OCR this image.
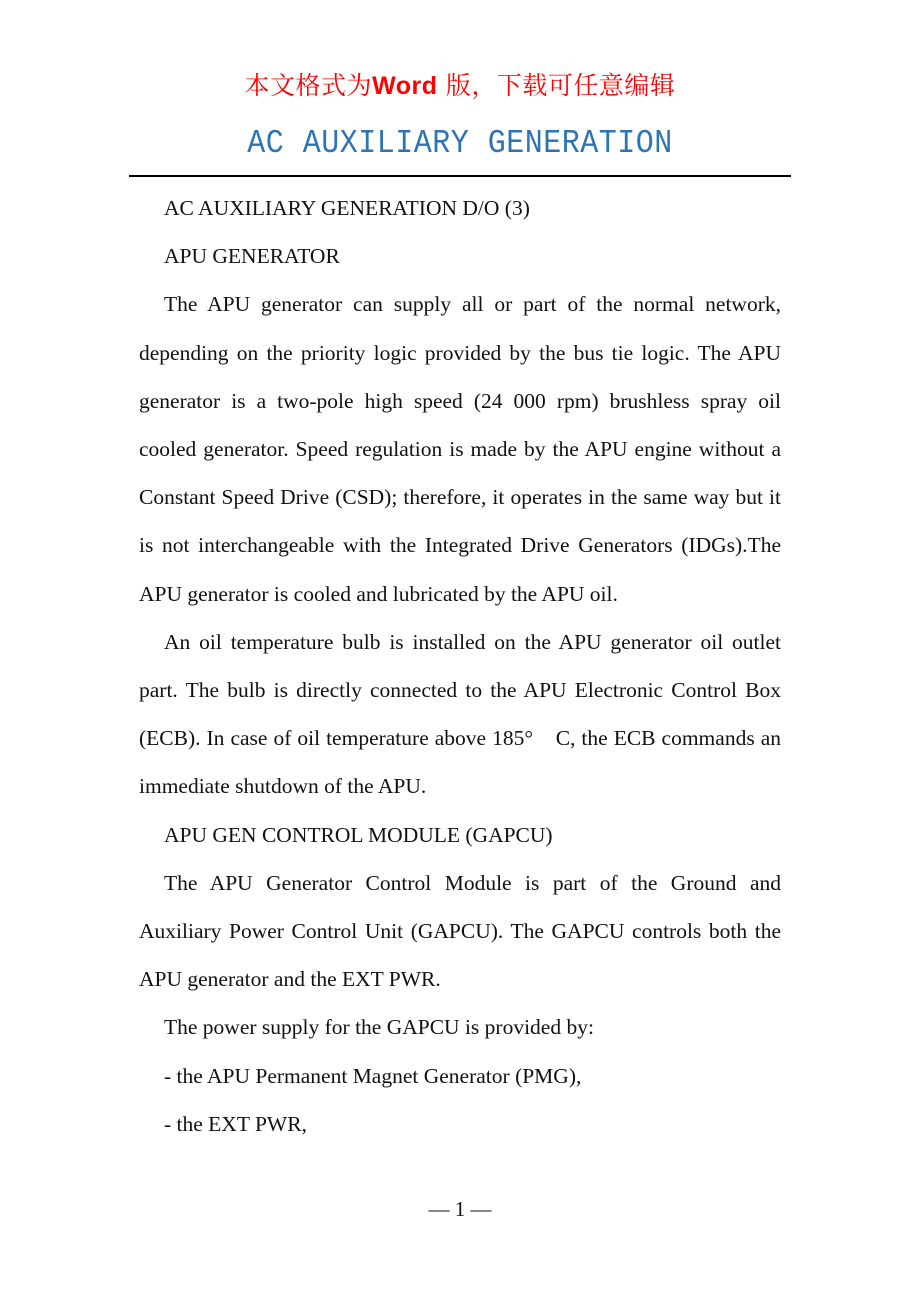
本文格式为Word 版，下载可任意编辑
AC AUXILIARY GENERATION

AC AUXILIARY GENERATION D/O (3)

APU GENERATOR

The APU generator can supply all or part of the normal network, depending on the priority logic provided by the bus tie logic. The APU generator is a two-pole high speed (24 000 rpm) brushless spray oil cooled generator. Speed regulation is made by the APU engine without a Constant Speed Drive (CSD); therefore, it operates in the same way but it is not interchangeable with the Integrated Drive Generators (IDGs).The APU generator is cooled and lubricated by the APU oil.

An oil temperature bulb is installed on the APU generator oil outlet part. The bulb is directly connected to the APU Electronic Control Box (ECB). In case of oil temperature above 185°　C, the ECB commands an immediate shutdown of the APU.

APU GEN CONTROL MODULE (GAPCU)

The APU Generator Control Module is part of the Ground and Auxiliary Power Control Unit (GAPCU). The GAPCU controls both the APU generator and the EXT PWR.

The power supply for the GAPCU is provided by:

- the APU Permanent Magnet Generator (PMG),

- the EXT PWR,

— 1 —
